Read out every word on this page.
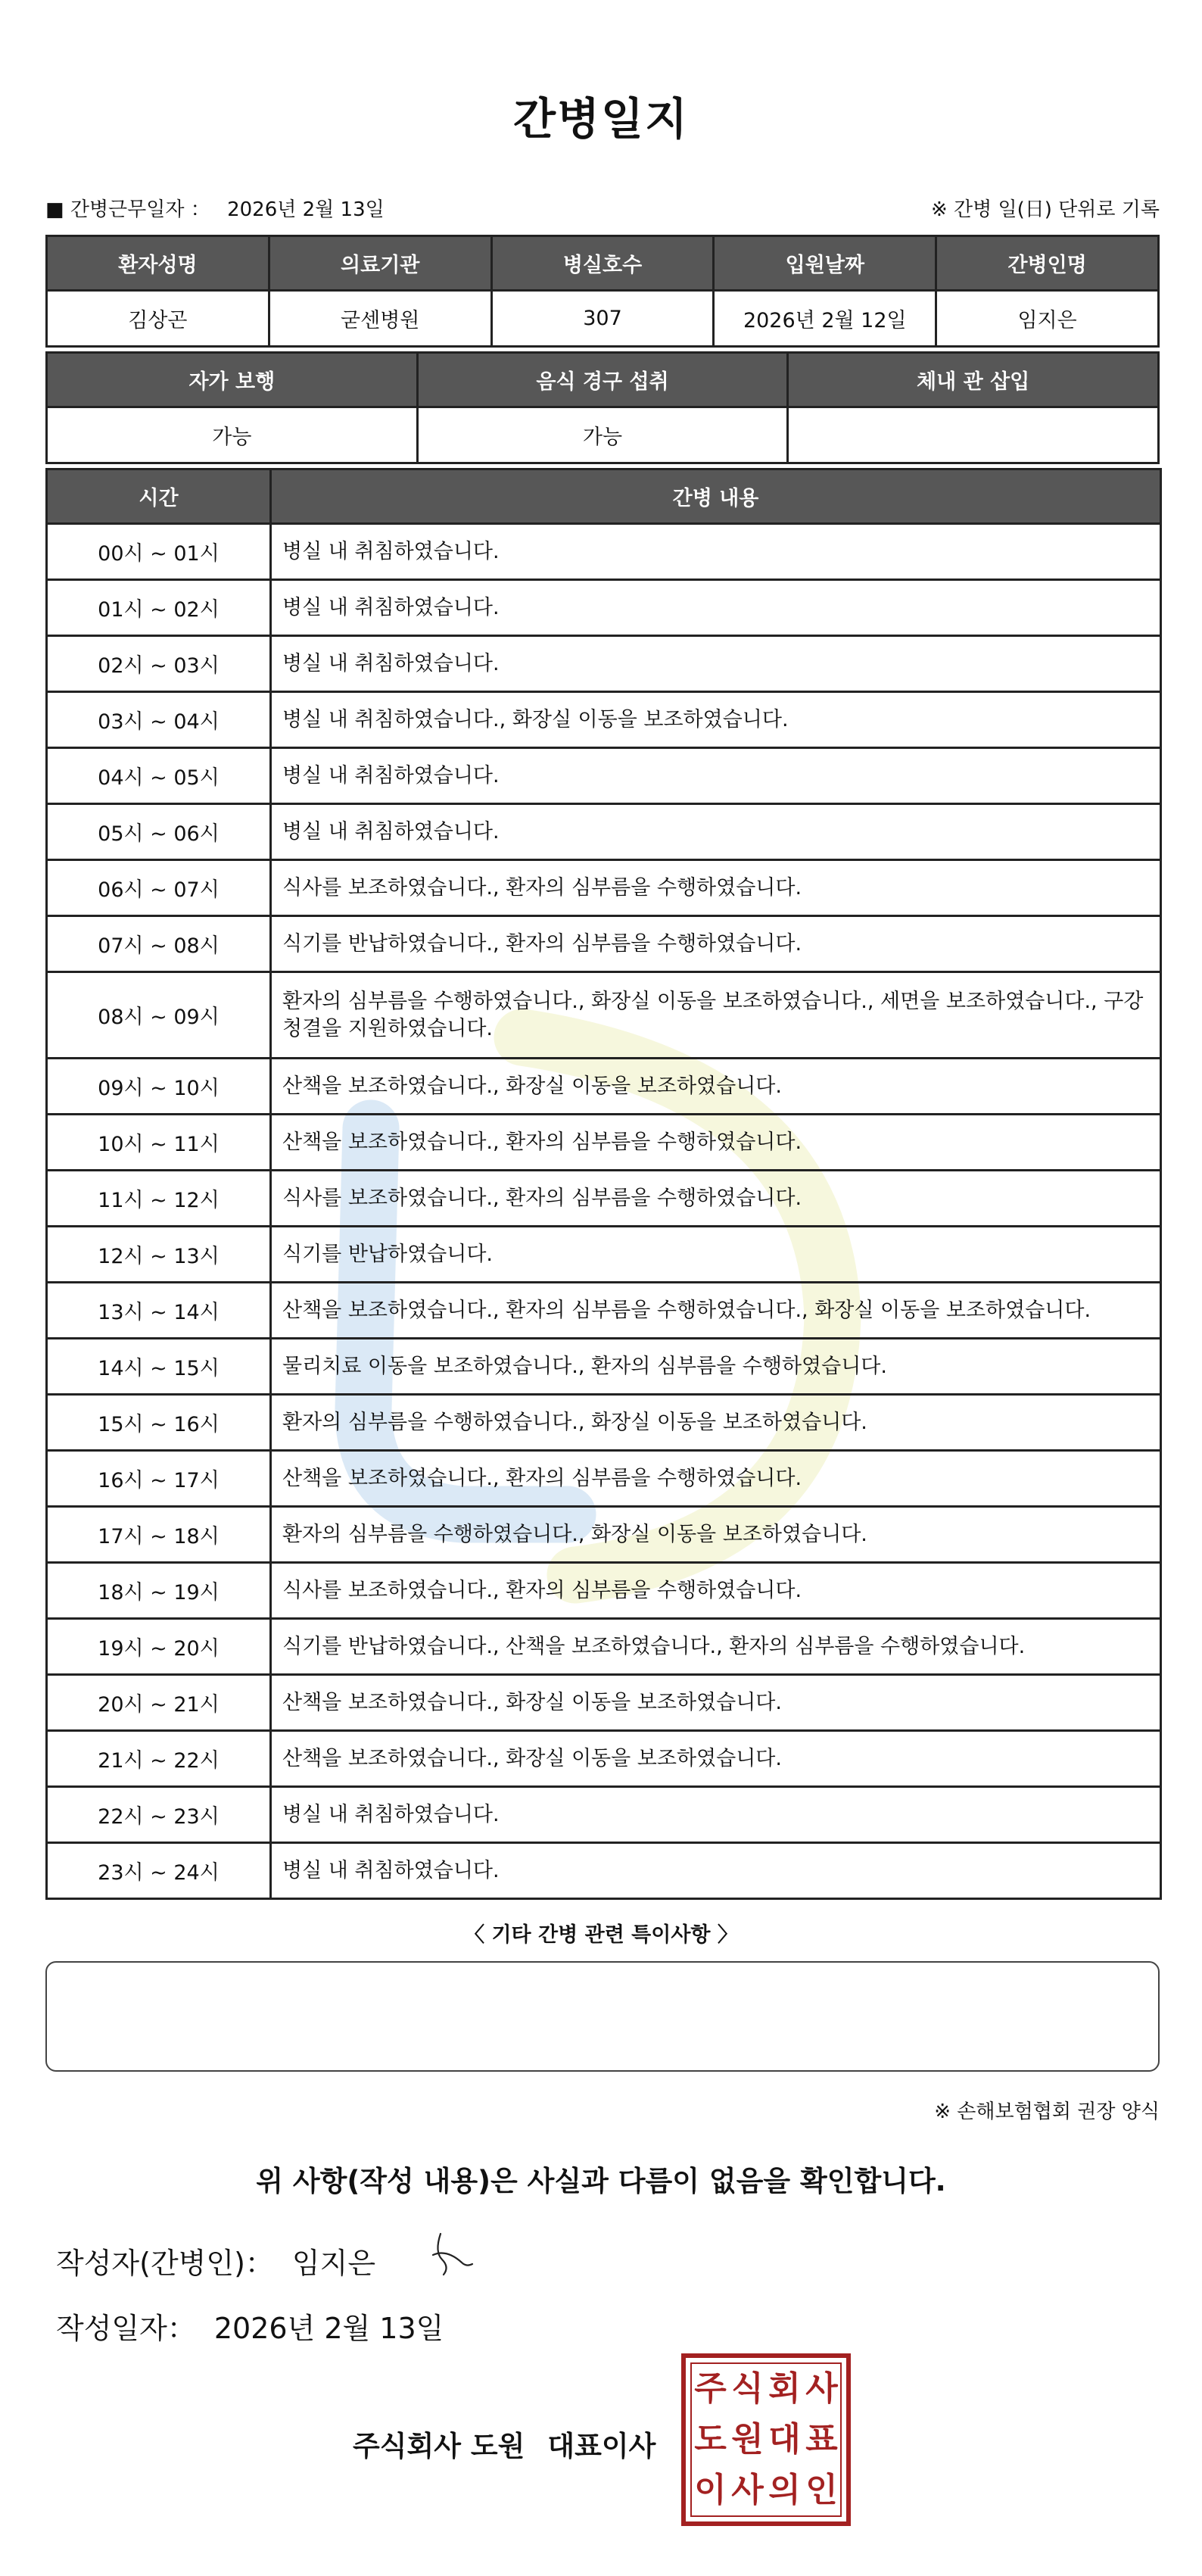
간병일지
■ 간병근무일자 ： 2026년 2월 13일	※ 간병 일(日) 단위로 기록
환자성명	의료기관	병실호수	입원날짜	간병인명
김상곤	굳센병원	307	2026년 2월 12일	임지은
자가 보행	음식 경구 섭취	체내 관 삽입
가능	가능	
시간	간병 내용
00시 ~ 01시	병실 내 취침하였습니다.
01시 ~ 02시	병실 내 취침하였습니다.
02시 ~ 03시	병실 내 취침하였습니다.
03시 ~ 04시	병실 내 취침하였습니다., 화장실 이동을 보조하였습니다.
04시 ~ 05시	병실 내 취침하였습니다.
05시 ~ 06시	병실 내 취침하였습니다.
06시 ~ 07시	식사를 보조하였습니다., 환자의 심부름을 수행하였습니다.
07시 ~ 08시	식기를 반납하였습니다., 환자의 심부름을 수행하였습니다.
08시 ~ 09시	환자의 심부름을 수행하였습니다., 화장실 이동을 보조하였습니다., 세면을 보조하였습니다., 구강청결을 지원하였습니다.
09시 ~ 10시	산책을 보조하였습니다., 화장실 이동을 보조하였습니다.
10시 ~ 11시	산책을 보조하였습니다., 환자의 심부름을 수행하였습니다.
11시 ~ 12시	식사를 보조하였습니다., 환자의 심부름을 수행하였습니다.
12시 ~ 13시	식기를 반납하였습니다.
13시 ~ 14시	산책을 보조하였습니다., 환자의 심부름을 수행하였습니다., 화장실 이동을 보조하였습니다.
14시 ~ 15시	물리치료 이동을 보조하였습니다., 환자의 심부름을 수행하였습니다.
15시 ~ 16시	환자의 심부름을 수행하였습니다., 화장실 이동을 보조하였습니다.
16시 ~ 17시	산책을 보조하였습니다., 환자의 심부름을 수행하였습니다.
17시 ~ 18시	환자의 심부름을 수행하였습니다., 화장실 이동을 보조하였습니다.
18시 ~ 19시	식사를 보조하였습니다., 환자의 심부름을 수행하였습니다.
19시 ~ 20시	식기를 반납하였습니다., 산책을 보조하였습니다., 환자의 심부름을 수행하였습니다.
20시 ~ 21시	산책을 보조하였습니다., 화장실 이동을 보조하였습니다.
21시 ~ 22시	산책을 보조하였습니다., 화장실 이동을 보조하였습니다.
22시 ~ 23시	병실 내 취침하였습니다.
23시 ~ 24시	병실 내 취침하였습니다.
〈 기타 간병 관련 특이사항 〉
※ 손해보험협회 권장 양식
위 사항(작성 내용)은 사실과 다름이 없음을 확인합니다.
작성자(간병인)： 임지은
작성일자： 2026년 2월 13일
주식회사 도원 대표이사
주 식 회 사
도 원 대 표
이 사 의 인
